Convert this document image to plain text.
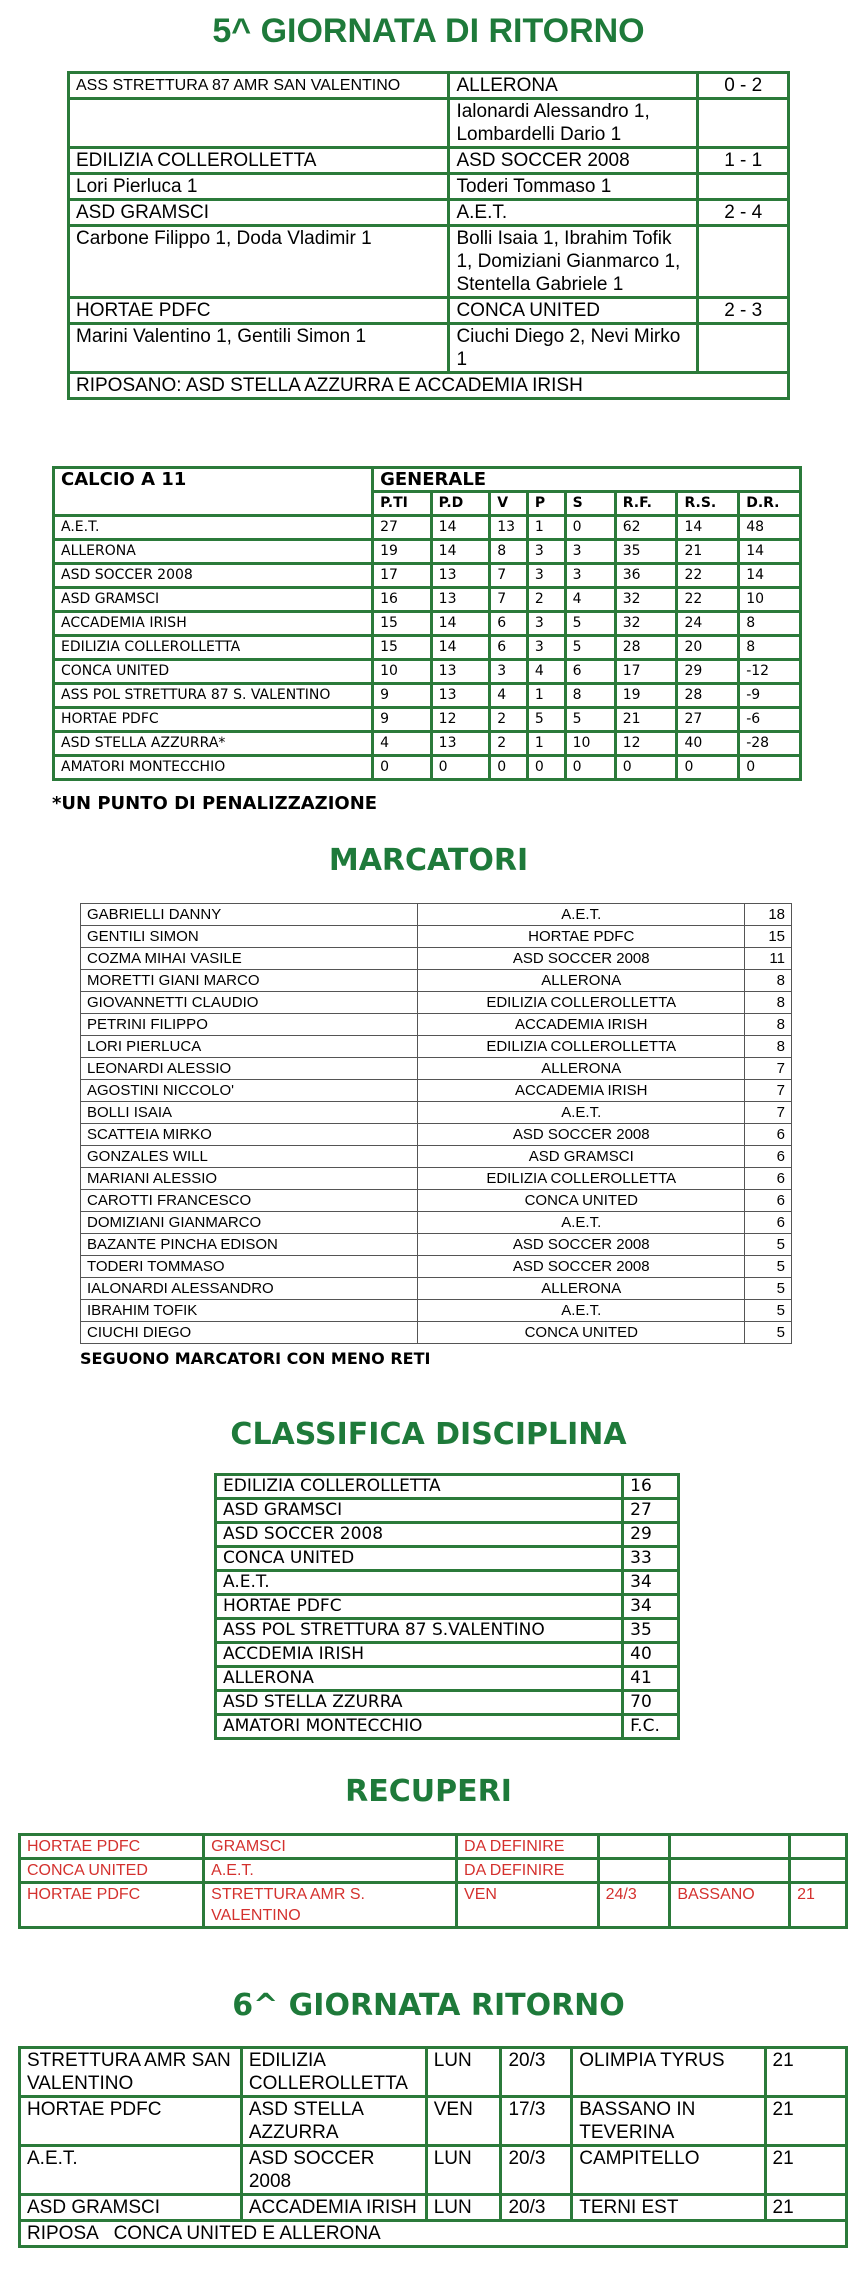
5^ GIORNATA DI RITORNO
ASS STRETTURA 87 AMR SAN VALENTINO	ALLERONA	0 - 2
	Ialonardi Alessandro 1, Lombardelli Dario 1	
EDILIZIA COLLEROLLETTA	ASD SOCCER 2008	1 - 1
Lori Pierluca 1	Toderi Tommaso 1	
ASD GRAMSCI	A.E.T.	2 - 4
Carbone Filippo 1, Doda Vladimir 1	Bolli Isaia 1, Ibrahim Tofik 1, Domiziani Gianmarco 1, Stentella Gabriele 1	
HORTAE PDFC	CONCA UNITED	2 - 3
Marini Valentino 1, Gentili Simon 1	Ciuchi Diego 2, Nevi Mirko 1	
RIPOSANO: ASD STELLA AZZURRA E ACCADEMIA IRISH		
CALCIO A 11	GENERALE							
	P.TI	P.D	V	P	S	R.F.	R.S.	D.R.
A.E.T.	27	14	13	1	0	62	14	48
ALLERONA	19	14	8	3	3	35	21	14
ASD SOCCER 2008	17	13	7	3	3	36	22	14
ASD GRAMSCI	16	13	7	2	4	32	22	10
ACCADEMIA IRISH	15	14	6	3	5	32	24	8
EDILIZIA COLLEROLLETTA	15	14	6	3	5	28	20	8
CONCA UNITED	10	13	3	4	6	17	29	-12
ASS POL STRETTURA 87 S. VALENTINO	9	13	4	1	8	19	28	-9
HORTAE PDFC	9	12	2	5	5	21	27	-6
ASD STELLA AZZURRA*	4	13	2	1	10	12	40	-28
AMATORI MONTECCHIO	0	0	0	0	0	0	0	0
*UN PUNTO DI PENALIZZAZIONE
MARCATORI
GABRIELLI DANNY	A.E.T.	18
GENTILI SIMON	HORTAE PDFC	15
COZMA MIHAI VASILE	ASD SOCCER 2008	11
MORETTI GIANI MARCO	ALLERONA	8
GIOVANNETTI CLAUDIO	EDILIZIA COLLEROLLETTA	8
PETRINI FILIPPO	ACCADEMIA IRISH	8
LORI PIERLUCA	EDILIZIA COLLEROLLETTA	8
LEONARDI ALESSIO	ALLERONA	7
AGOSTINI NICCOLO'	ACCADEMIA IRISH	7
BOLLI ISAIA	A.E.T.	7
SCATTEIA MIRKO	ASD SOCCER 2008	6
GONZALES WILL	ASD GRAMSCI	6
MARIANI ALESSIO	EDILIZIA COLLEROLLETTA	6
CAROTTI FRANCESCO	CONCA UNITED	6
DOMIZIANI GIANMARCO	A.E.T.	6
BAZANTE PINCHA EDISON	ASD SOCCER 2008	5
TODERI TOMMASO	ASD SOCCER 2008	5
IALONARDI ALESSANDRO	ALLERONA	5
IBRAHIM TOFIK	A.E.T.	5
CIUCHI DIEGO	CONCA UNITED	5
SEGUONO MARCATORI CON MENO RETI
CLASSIFICA DISCIPLINA
EDILIZIA COLLEROLLETTA	16
ASD GRAMSCI	27
ASD SOCCER 2008	29
CONCA UNITED	33
A.E.T.	34
HORTAE PDFC	34
ASS POL STRETTURA 87 S.VALENTINO	35
ACCDEMIA IRISH	40
ALLERONA	41
ASD STELLA ZZURRA	70
AMATORI MONTECCHIO	F.C.
RECUPERI
HORTAE PDFC	GRAMSCI	DA DEFINIRE			
CONCA UNITED	A.E.T.	DA DEFINIRE			
HORTAE PDFC	STRETTURA AMR S. VALENTINO	VEN	24/3	BASSANO	21
6^ GIORNATA RITORNO
STRETTURA AMR SAN VALENTINO	EDILIZIA COLLEROLLETTA	LUN	20/3	OLIMPIA TYRUS	21
HORTAE PDFC	ASD STELLA AZZURRA	VEN	17/3	BASSANO IN TEVERINA	21
A.E.T.	ASD SOCCER 2008	LUN	20/3	CAMPITELLO	21
ASD GRAMSCI	ACCADEMIA IRISH	LUN	20/3	TERNI EST	21
RIPOSA   CONCA UNITED E ALLERONA					
